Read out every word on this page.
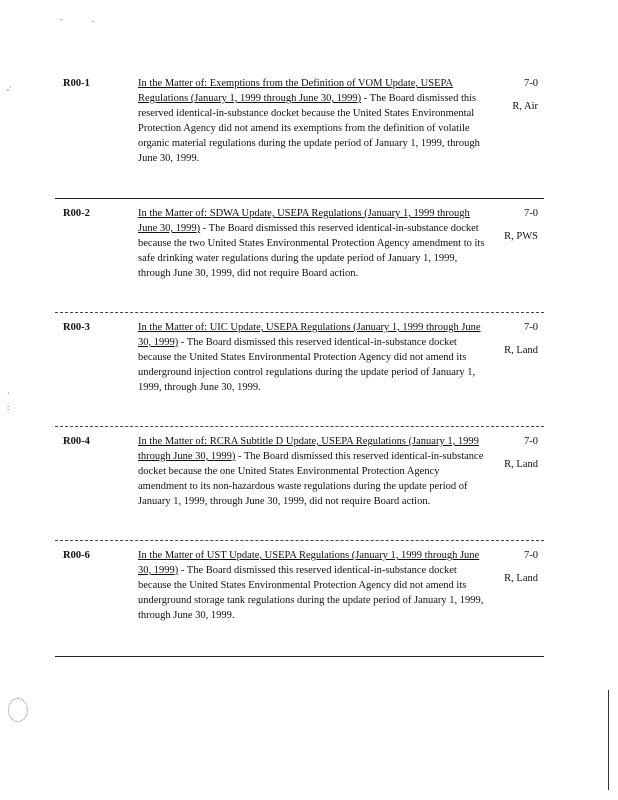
-	.
,·
·
:
R00-1	In the Matter of: Exemptions from the Definition of VOM Update, USEPA Regulations (January 1, 1999 through June 30, 1999) - The Board dismissed this reserved identical-in-substance docket because the United States Environmental Protection Agency did not amend its exemptions from the definition of volatile organic material regulations during the update period of January 1, 1999, through June 30, 1999.
7-0
R, Air
R00-2	In the Matter of: SDWA Update, USEPA Regulations (January 1, 1999 through June 30, 1999) - The Board dismissed this reserved identical-in-substance docket because the two United States Environmental Protection Agency amendment to its safe drinking water regulations during the update period of January 1, 1999, through June 30, 1999, did not require Board action.
7-0
R, PWS
R00-3	In the Matter of: UIC Update, USEPA Regulations (January 1, 1999 through June 30, 1999) - The Board dismissed this reserved identical-in-substance docket because the United States Environmental Protection Agency did not amend its underground injection control regulations during the update period of January 1, 1999, through June 30, 1999.
7-0
R, Land
R00-4	In the Matter of: RCRA Subtitle D Update, USEPA Regulations (January 1, 1999 through June 30, 1999) - The Board dismissed this reserved identical-in-substance docket because the one United States Environmental Protection Agency amendment to its non-hazardous waste regulations during the update period of January 1, 1999, through June 30, 1999, did not require Board action.
7-0
R, Land
R00-6	In the Matter of UST Update, USEPA Regulations (January 1, 1999 through June 30, 1999) - The Board dismissed this reserved identical-in-substance docket because the United States Environmental Protection Agency did not amend its underground storage tank regulations during the update period of January 1, 1999, through June 30, 1999.
7-0
R, Land
